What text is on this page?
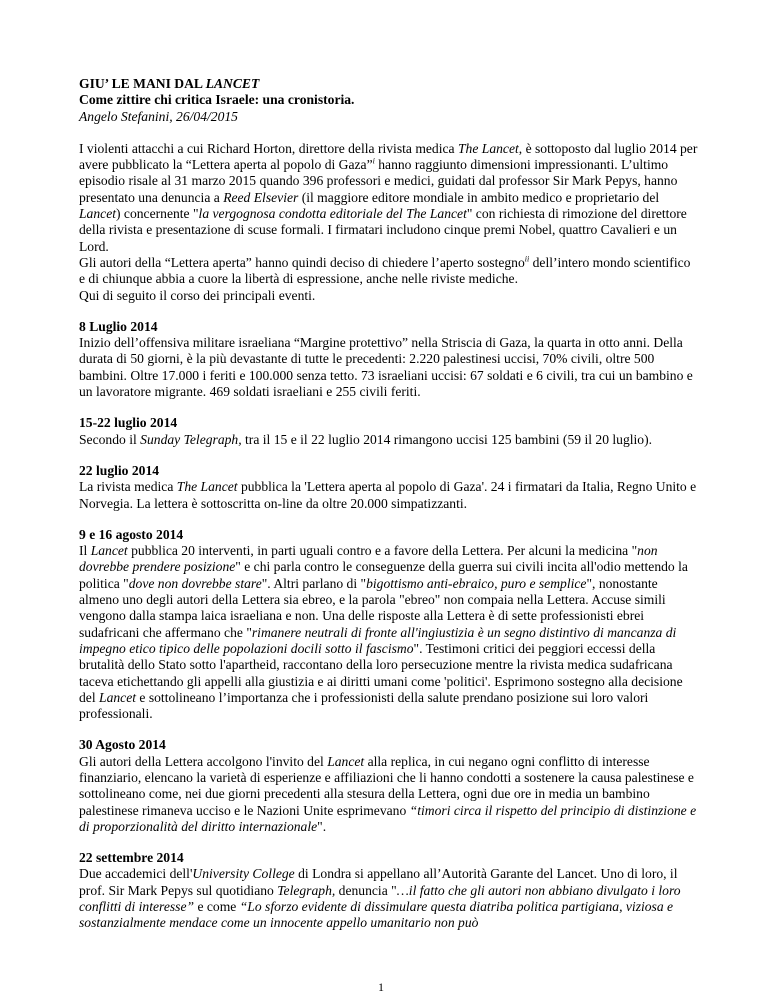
GIU’ LE MANI DAL LANCET
Come zittire chi critica Israele: una cronistoria.
Angelo Stefanini, 26/04/2015

I violenti attacchi a cui Richard Horton, direttore della rivista medica The Lancet, è sottoposto dal luglio 2014 per avere pubblicato la “Lettera aperta al popolo di Gaza”$^i$ hanno raggiunto dimensioni impressionanti. L’ultimo episodio risale al 31 marzo 2015 quando 396 professori e medici, guidati dal professor Sir Mark Pepys, hanno presentato una denuncia a Reed Elsevier (il maggiore editore mondiale in ambito medico e proprietario del Lancet) concernente "la vergognosa condotta editoriale del The Lancet" con richiesta di rimozione del direttore della rivista e presentazione di scuse formali. I firmatari includono cinque premi Nobel, quattro Cavalieri e un Lord.

Gli autori della “Lettera aperta” hanno quindi deciso di chiedere l’aperto sostegno$^{ii}$ dell’intero mondo scientifico e di chiunque abbia a cuore la libertà di espressione, anche nelle riviste mediche.

Qui di seguito il corso dei principali eventi.

8 Luglio 2014

Inizio dell’offensiva militare israeliana “Margine protettivo” nella Striscia di Gaza, la quarta in otto anni. Della durata di 50 giorni, è la più devastante di tutte le precedenti: 2.220 palestinesi uccisi, 70% civili, oltre 500 bambini. Oltre 17.000 i feriti e 100.000 senza tetto. 73 israeliani uccisi: 67 soldati e 6 civili, tra cui un bambino e un lavoratore migrante. 469 soldati israeliani e 255 civili feriti.

15-22 luglio 2014

Secondo il Sunday Telegraph, tra il 15 e il 22 luglio 2014 rimangono uccisi 125 bambini (59 il 20 luglio).

22 luglio 2014

La rivista medica The Lancet pubblica la 'Lettera aperta al popolo di Gaza'. 24 i firmatari da Italia, Regno Unito e Norvegia. La lettera è sottoscritta on-line da oltre 20.000 simpatizzanti.

9 e 16 agosto 2014

Il Lancet pubblica 20 interventi, in parti uguali contro e a favore della Lettera. Per alcuni la medicina "non dovrebbe prendere posizione" e chi parla contro le conseguenze della guerra sui civili incita all'odio mettendo la politica "dove non dovrebbe stare". Altri parlano di "bigottismo anti-ebraico, puro e semplice", nonostante almeno uno degli autori della Lettera sia ebreo, e la parola "ebreo" non compaia nella Lettera. Accuse simili vengono dalla stampa laica israeliana e non. Una delle risposte alla Lettera è di sette professionisti ebrei sudafricani che affermano che "rimanere neutrali di fronte all'ingiustizia è un segno distintivo di mancanza di impegno etico tipico delle popolazioni docili sotto il fascismo". Testimoni critici dei peggiori eccessi della brutalità dello Stato sotto l'apartheid, raccontano della loro persecuzione mentre la rivista medica sudafricana taceva etichettando gli appelli alla giustizia e ai diritti umani come 'politici'. Esprimono sostegno alla decisione del Lancet e sottolineano l’importanza che i professionisti della salute prendano posizione sui loro valori professionali.

30 Agosto 2014

Gli autori della Lettera accolgono l'invito del Lancet alla replica, in cui negano ogni conflitto di interesse finanziario, elencano la varietà di esperienze e affiliazioni che li hanno condotti a sostenere la causa palestinese e sottolineano come, nei due giorni precedenti alla stesura della Lettera, ogni due ore in media un bambino palestinese rimaneva ucciso e le Nazioni Unite esprimevano “timori circa il rispetto del principio di distinzione e di proporzionalità del diritto internazionale".

22 settembre 2014

Due accademici dell'University College di Londra si appellano all’Autorità Garante del Lancet. Uno di loro, il prof. Sir Mark Pepys sul quotidiano Telegraph, denuncia "…il fatto che gli autori non abbiano divulgato i loro conflitti di interesse” e come “Lo sforzo evidente di dissimulare questa diatriba politica partigiana, viziosa e sostanzialmente mendace come un innocente appello umanitario non può

1
